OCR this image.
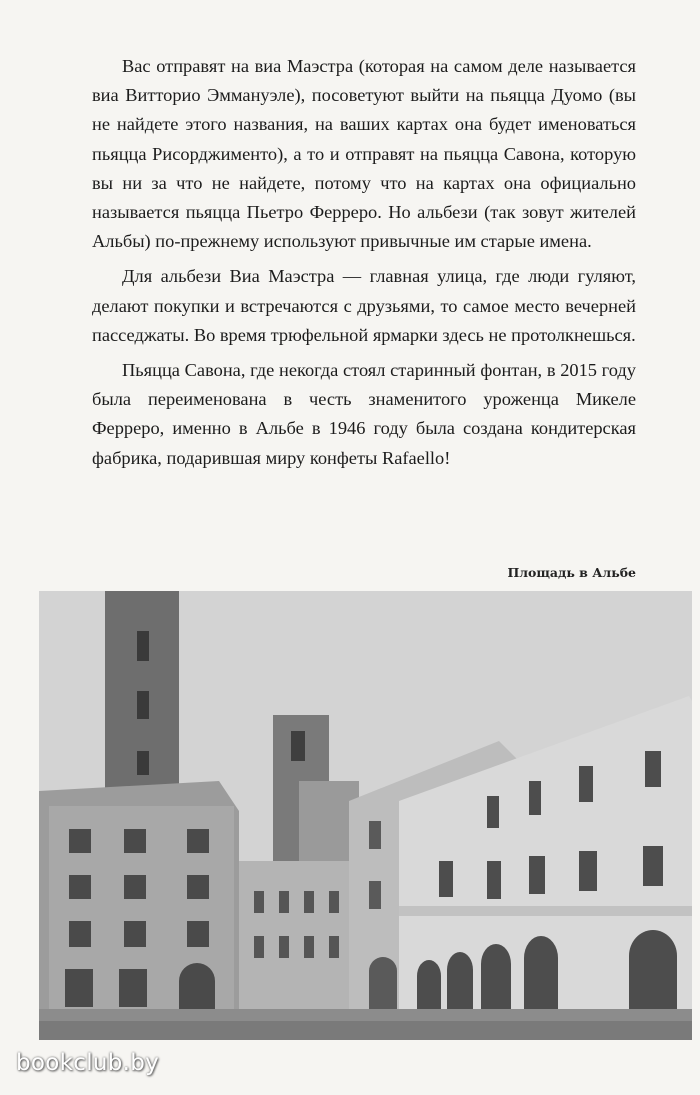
Вас отправят на виа Маэстра (которая на самом деле называется виа Витторио Эммануэле), посоветуют выйти на пьяцца Дуомо (вы не найдете этого названия, на ваших картах она будет именоваться пьяцца Рисорджименто), а то и отправят на пьяцца Савона, которую вы ни за что не найдете, потому что на картах она официально называется пьяцца Пьетро Ферреро. Но альбези (так зовут жителей Альбы) по-прежнему используют привычные им старые имена.

Для альбези Виа Маэстра — главная улица, где люди гуляют, делают покупки и встречаются с друзьями, то самое место вечерней пасседжаты. Во время трюфельной ярмарки здесь не протолкнешься.

Пьяцца Савона, где некогда стоял старинный фонтан, в 2015 году была переименована в честь знаменитого уроженца Микеле Ферреро, именно в Альбе в 1946 году была создана кондитерская фабрика, подарившая миру конфеты Rafaello!

Площадь в Альбе
bookclub.by
